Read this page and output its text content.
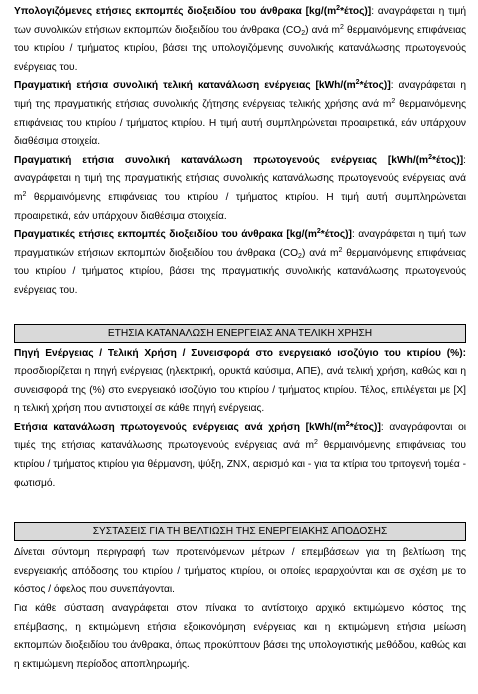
Υπολογιζόμενες ετήσιες εκπομπές διοξειδίου του άνθρακα $[kg/(m^2*έ\tau o\varsigma)]$: αναγράφεται η τιμή των συνολικών ετήσιων εκπομπών διοξειδίου του άνθρακα $(CO_2)$ ανά $m^2$ θερμαινόμενης επιφάνειας του κτιρίου / τμήματος κτιρίου, βάσει της υπολογιζόμενης συνολικής κατανάλωσης πρωτογενούς ενέργειας του.

Πραγματική ετήσια συνολική τελική κατανάλωση ενέργειας $[kWh/(m^2*έ\tau o\varsigma)]$: αναγράφεται η τιμή της πραγματικής ετήσιας συνολικής ζήτησης ενέργειας τελικής χρήσης ανά $m^2$ θερμαινόμενης επιφάνειας του κτιρίου / τμήματος κτιρίου. Η τιμή αυτή συμπληρώνεται προαιρετικά, εάν υπάρχουν διαθέσιμα στοιχεία.

Πραγματική ετήσια συνολική κατανάλωση πρωτογενούς ενέργειας $[kWh/(m^2*έ\tau o\varsigma)]$: αναγράφεται η τιμή της πραγματικής ετήσιας συνολικής κατανάλωσης πρωτογενούς ενέργειας ανά $m^2$ θερμαινόμενης επιφάνειας του κτιρίου / τμήματος κτιρίου. Η τιμή αυτή συμπληρώνεται προαιρετικά, εάν υπάρχουν διαθέσιμα στοιχεία.

Πραγματικές ετήσιες εκπομπές διοξειδίου του άνθρακα $[kg/(m^2*έ\tau o\varsigma)]$: αναγράφεται η τιμή των πραγματικών ετήσιων εκπομπών διοξειδίου του άνθρακα $(CO_2)$ ανά $m^2$ θερμαινόμενης επιφάνειας του κτιρίου / τμήματος κτιρίου, βάσει της πραγματικής συνολικής κατανάλωσης πρωτογενούς ενέργειας του.

ΕΤΗΣΙΑ ΚΑΤΑΝΑΛΩΣΗ ΕΝΕΡΓΕΙΑΣ ΑΝΑ ΤΕΛΙΚΗ ΧΡΗΣΗ

Πηγή Ενέργειας / Τελική Χρήση / Συνεισφορά στο ενεργειακό ισοζύγιο του κτιρίου (%): προσδιορίζεται η πηγή ενέργειας (ηλεκτρική, ορυκτά καύσιμα, ΑΠΕ), ανά τελική χρήση, καθώς και η συνεισφορά της (%) στο ενεργειακό ισοζύγιο του κτιρίου / τμήματος κτιρίου. Τέλος, επιλέγεται με [Χ] η τελική χρήση που αντιστοιχεί σε κάθε πηγή ενέργειας.

Ετήσια κατανάλωση πρωτογενούς ενέργειας ανά χρήση $[kWh/(m^2*έ\tau o\varsigma)]$: αναγράφονται οι τιμές της ετήσιας κατανάλωσης πρωτογενούς ενέργειας ανά $m^2$ θερμαινόμενης επιφάνειας του κτιρίου / τμήματος κτιρίου για θέρμανση, ψύξη, ΖΝΧ, αερισμό και - για τα κτίρια του τριτογενή τομέα - φωτισμό.

ΣΥΣΤΑΣΕΙΣ ΓΙΑ ΤΗ ΒΕΛΤΙΩΣΗ ΤΗΣ ΕΝΕΡΓΕΙΑΚΗΣ ΑΠΟΔΟΣΗΣ

Δίνεται σύντομη περιγραφή των προτεινόμενων μέτρων / επεμβάσεων για τη βελτίωση της ενεργειακής απόδοσης του κτιρίου / τμήματος κτιρίου, οι οποίες ιεραρχούνται και σε σχέση με το κόστος / όφελος που συνεπάγονται.

Για κάθε σύσταση αναγράφεται στον πίνακα το αντίστοιχο αρχικό εκτιμώμενο κόστος της επέμβασης, η εκτιμώμενη ετήσια εξοικονόμηση ενέργειας και η εκτιμώμενη ετήσια μείωση εκπομπών διοξειδίου του άνθρακα, όπως προκύπτουν βάσει της υπολογιστικής μεθόδου, καθώς και η εκτιμώμενη περίοδος αποπληρωμής.
